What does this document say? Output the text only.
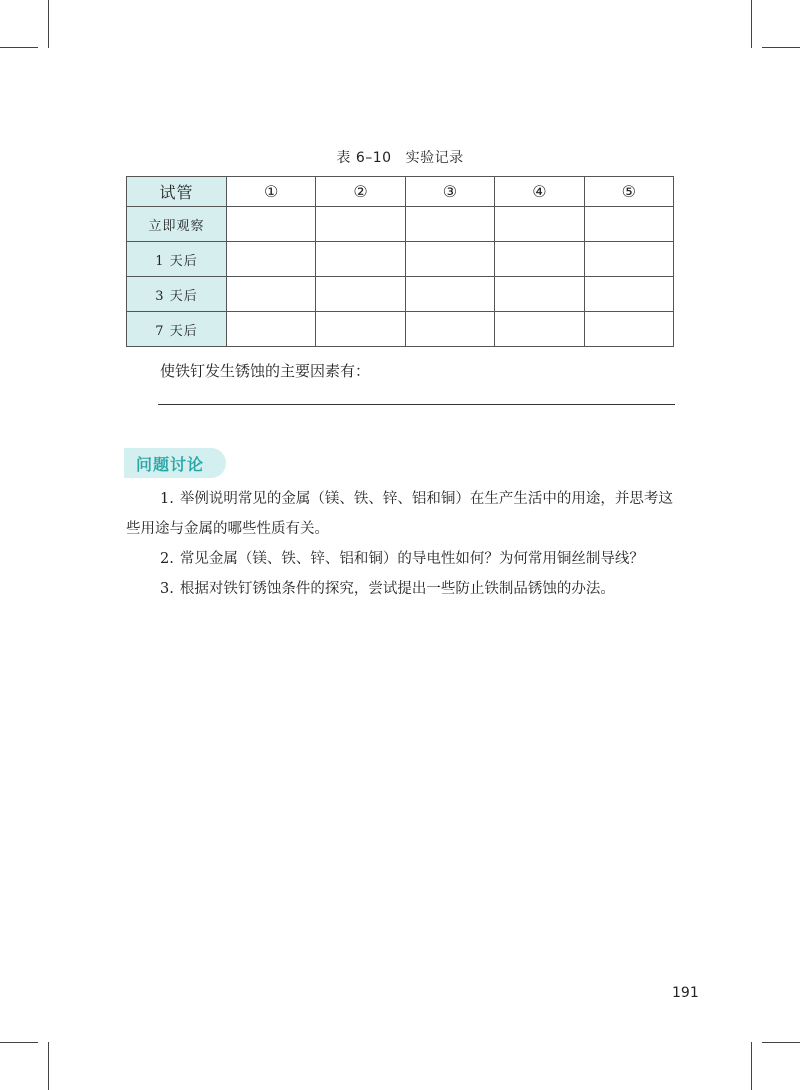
表 6–10 实验记录
试管	①	②	③	④	⑤
立即观察					
1 天后					
3 天后					
7 天后					
使铁钉发生锈蚀的主要因素有：
问题讨论
1. 举例说明常见的金属（镁、铁、锌、铝和铜）在生产生活中的用途，并思考这些用途与金属的哪些性质有关。
2. 常见金属（镁、铁、锌、铝和铜）的导电性如何？为何常用铜丝制导线？
3. 根据对铁钉锈蚀条件的探究，尝试提出一些防止铁制品锈蚀的办法。
191
